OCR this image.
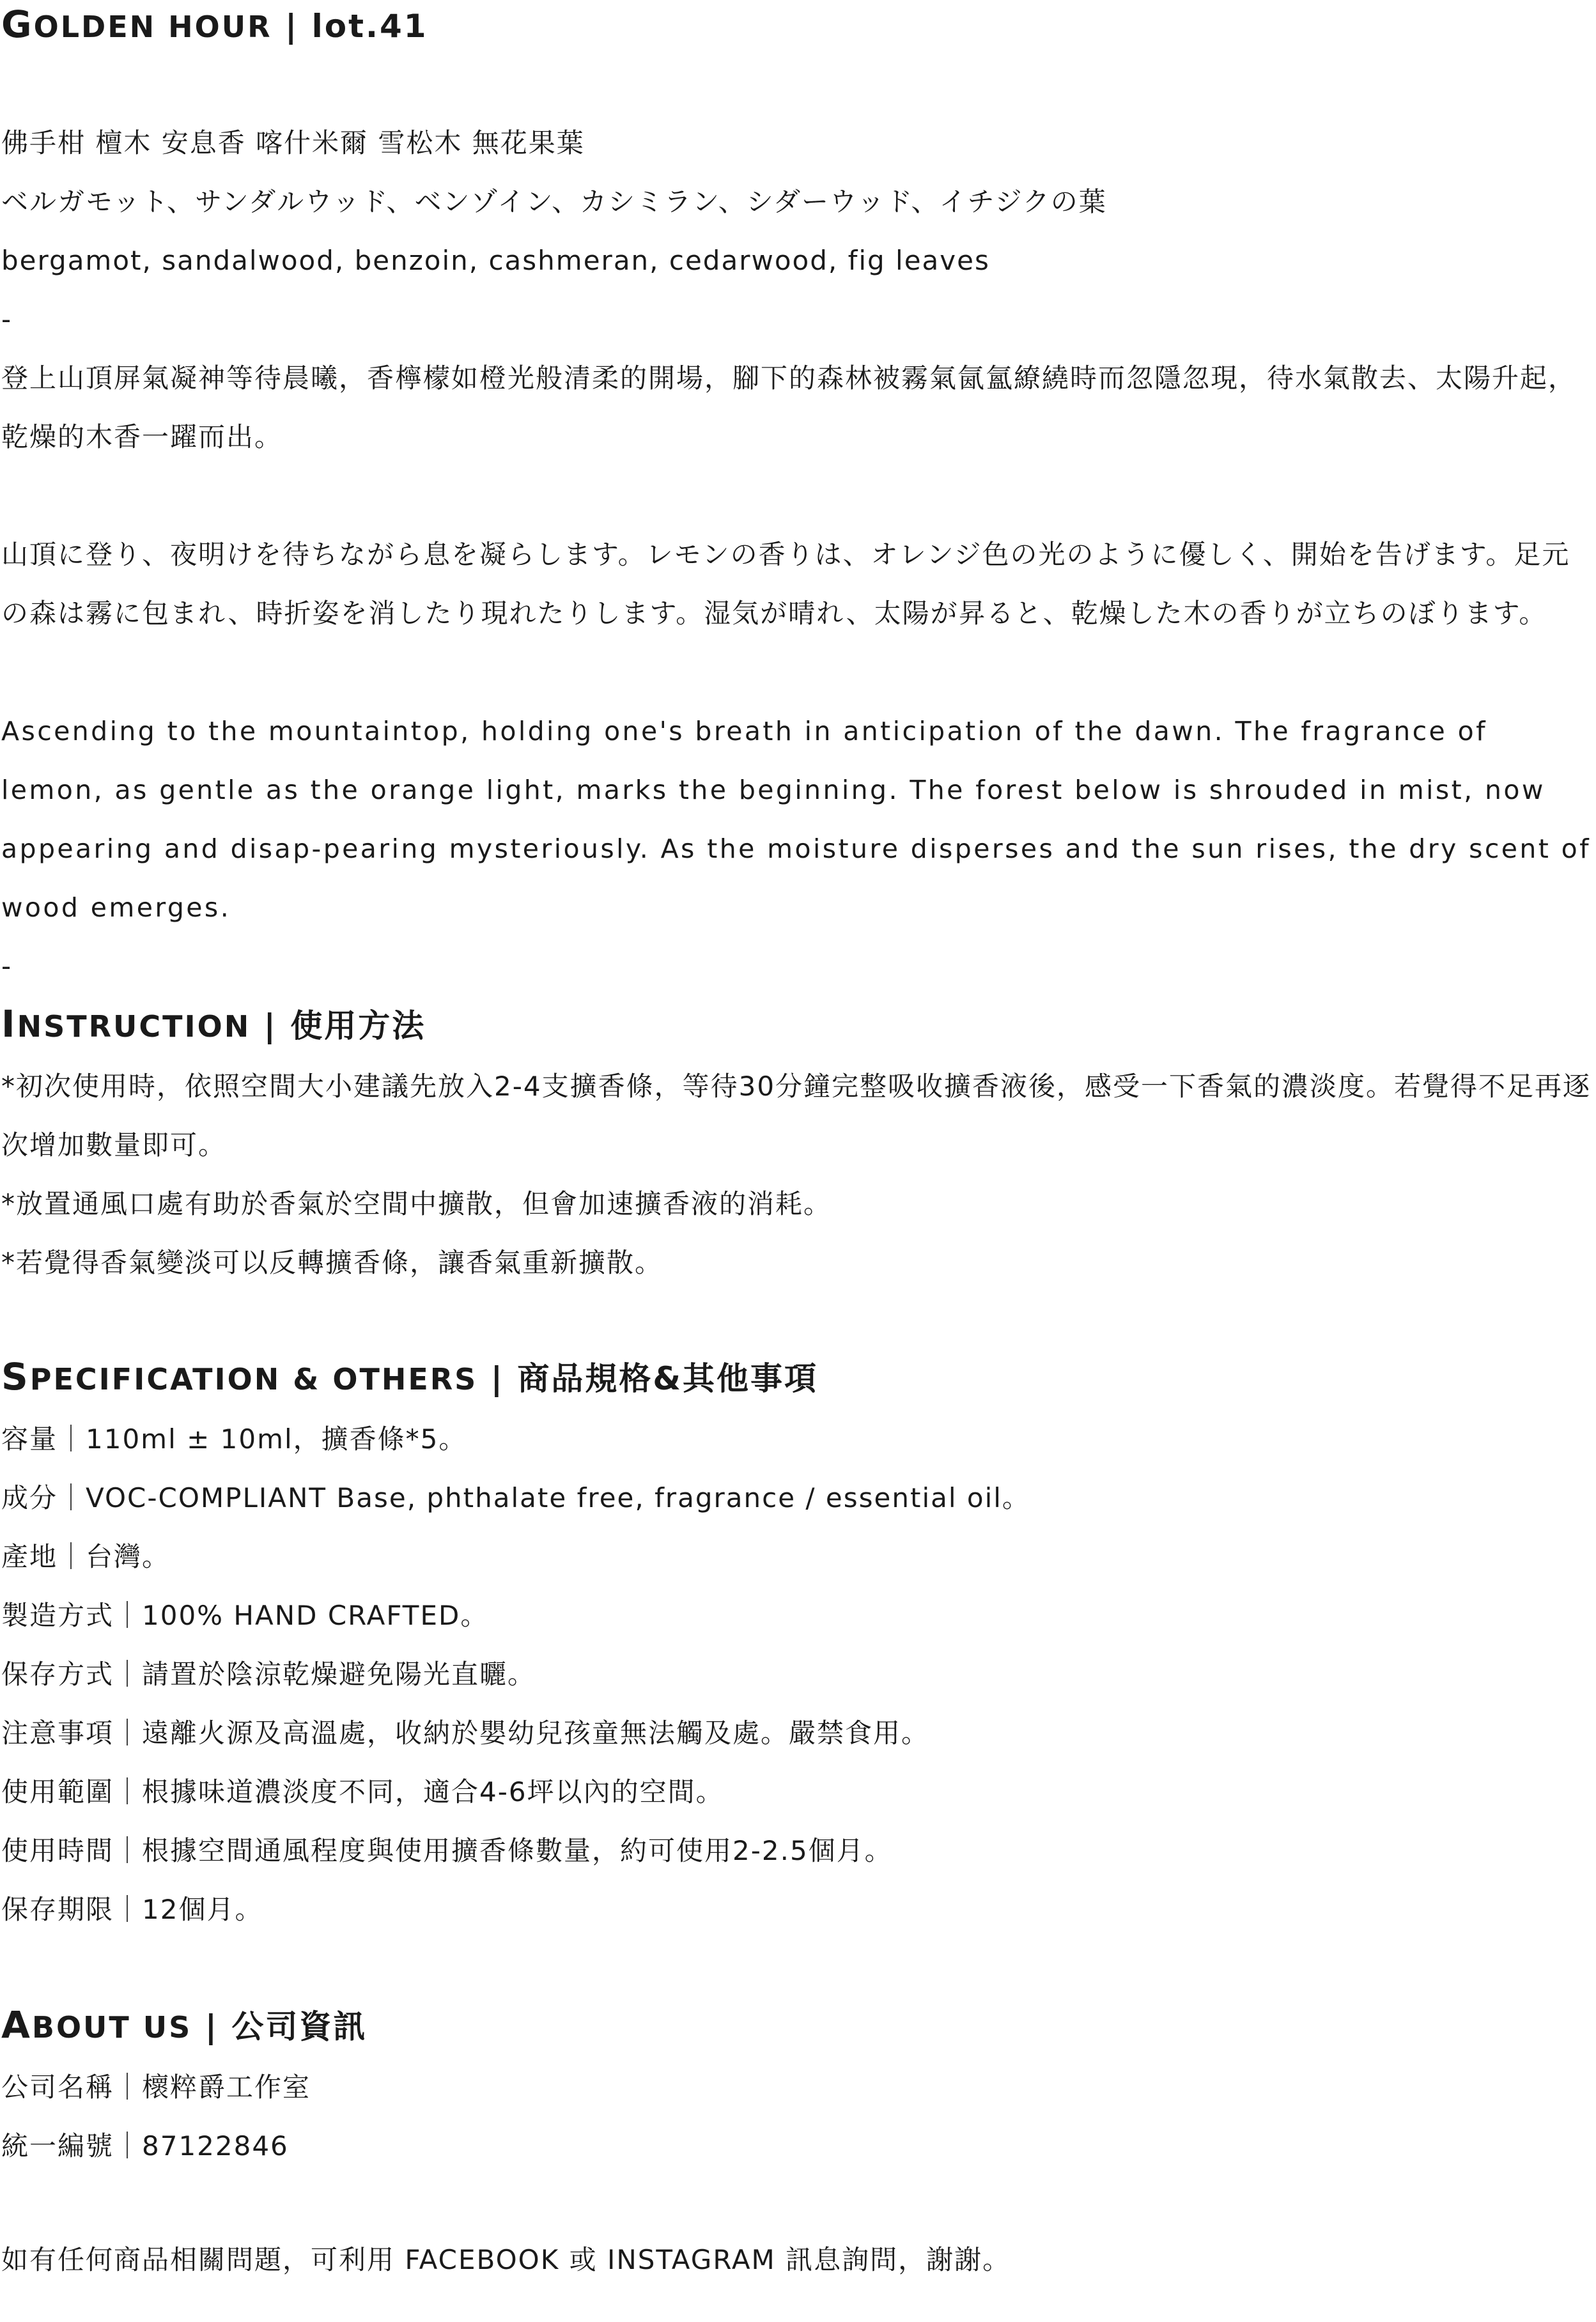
GOLDEN HOUR | lot.41

佛手柑 檀木 安息香 喀什米爾 雪松木 無花果葉

ベルガモット、サンダルウッド、ベンゾイン、カシミラン、シダーウッド、イチジクの葉

bergamot, sandalwood, benzoin, cashmeran, cedarwood, fig leaves

-

登上山頂屏氣凝神等待晨曦，香檸檬如橙光般清柔的開場，腳下的森林被霧氣氤氳繚繞時而忽隱忽現，待水氣散去、太陽升起，乾燥的木香一躍而出。

山頂に登り、夜明けを待ちながら息を凝らします。レモンの香りは、オレンジ色の光のように優しく、開始を告げます。足元の森は霧に包まれ、時折姿を消したり現れたりします。湿気が晴れ、太陽が昇ると、乾燥した木の香りが立ちのぼります。

Ascending to the mountaintop, holding one's breath in anticipation of the dawn. The fragrance of lemon, as gentle as the orange light, marks the beginning. The forest below is shrouded in mist, now appearing and disap-pearing mysteriously. As the moisture disperses and the sun rises, the dry scent of wood emerges.

-

INSTRUCTION | 使用方法

*初次使用時，依照空間大小建議先放入2-4支擴香條，等待30分鐘完整吸收擴香液後，感受一下香氣的濃淡度。若覺得不足再逐次增加數量即可。

*放置通風口處有助於香氣於空間中擴散，但會加速擴香液的消耗。

*若覺得香氣變淡可以反轉擴香條，讓香氣重新擴散。

SPECIFICATION & OTHERS | 商品規格&其他事項

容量｜110ml ± 10ml，擴香條*5。

成分｜VOC-COMPLIANT Base, phthalate free, fragrance / essential oil。

產地｜台灣。

製造方式｜100% HAND CRAFTED。

保存方式｜請置於陰涼乾燥避免陽光直曬。

注意事項｜遠離火源及高溫處，收納於嬰幼兒孩童無法觸及處。嚴禁食用。

使用範圍｜根據味道濃淡度不同，適合4-6坪以內的空間。

使用時間｜根據空間通風程度與使用擴香條數量，約可使用2-2.5個月。

保存期限｜12個月。

ABOUT US | 公司資訊

公司名稱｜櫰粹爵工作室

統一編號｜87122846

如有任何商品相關問題，可利用 FACEBOOK 或 INSTAGRAM 訊息詢問，謝謝。
